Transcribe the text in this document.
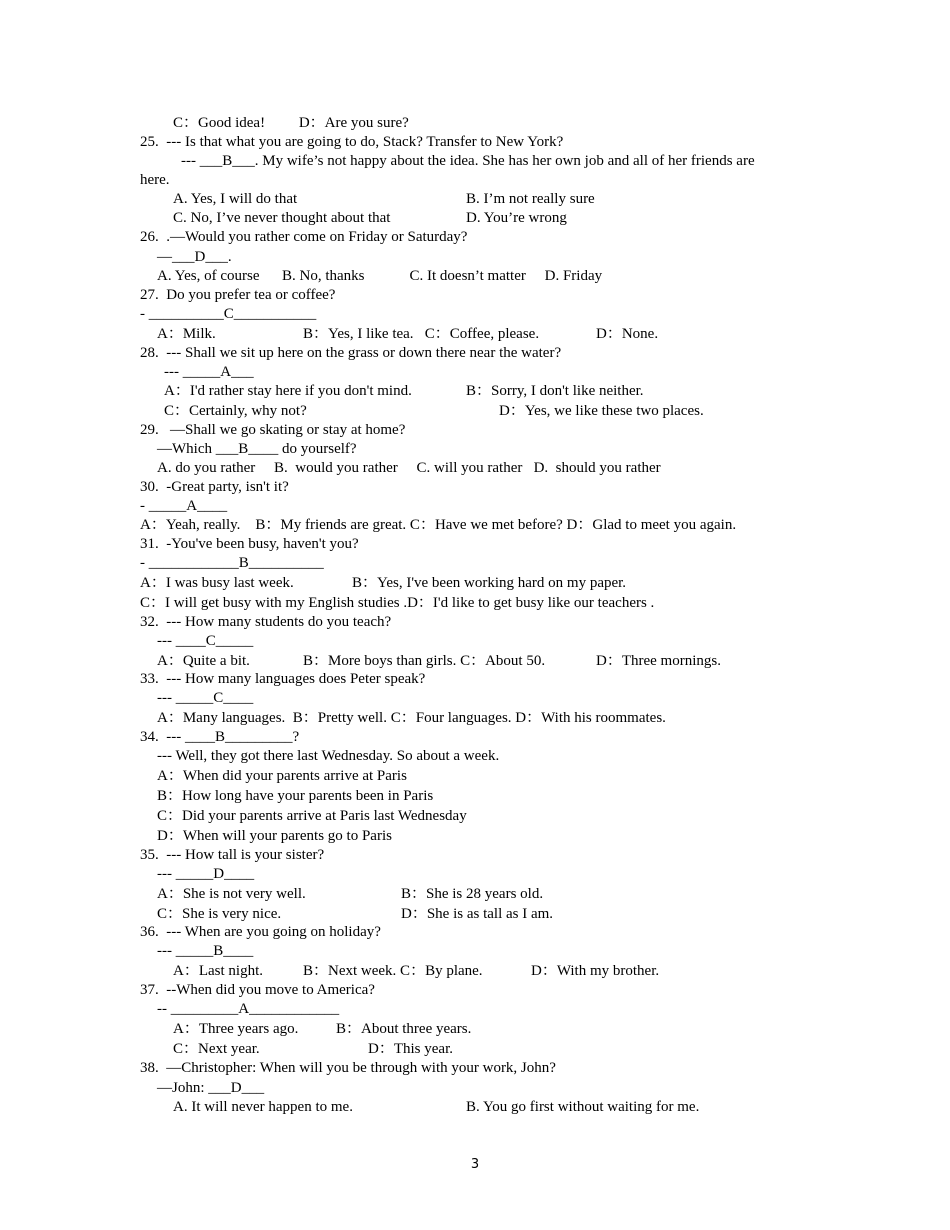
C：Good idea!         D：Are you sure?
25.  --- Is that what you are going to do, Stack? Transfer to New York?
--- ___B___. My wife’s not happy about the idea. She has her own job and all of her friends are
here.
A. Yes, I will do that	B. I’m not really sure
C. No, I’ve never thought about that	D. You’re wrong
26.  .—Would you rather come on Friday or Saturday?
—___D___.
A. Yes, of course      B. No, thanks            C. It doesn’t matter     D. Friday
27.  Do you prefer tea or coffee?
- __________C___________
A：Milk.	B：Yes, I like tea.   C：Coffee, please.	D：None.
28.  --- Shall we sit up here on the grass or down there near the water?
--- _____A___
A：I'd rather stay here if you don't mind.	B：Sorry, I don't like neither.
C：Certainly, why not?	D：Yes, we like these two places.
29.   —Shall we go skating or stay at home?
—Which ___B____ do yourself?
A. do you rather     B.  would you rather     C. will you rather   D.  should you rather
30.  -Great party, isn't it?
- _____A____
A：Yeah, really.    B：My friends are great. C：Have we met before? D：Glad to meet you again.
31.  -You've been busy, haven't you?
- ____________B__________
A：I was busy last week.	B：Yes, I've been working hard on my paper.
C：I will get busy with my English studies .D：I'd like to get busy like our teachers .
32.  --- How many students do you teach?
--- ____C_____
A：Quite a bit.	B：More boys than girls. C：About 50.	D：Three mornings.
33.  --- How many languages does Peter speak?
--- _____C____
A：Many languages.  B：Pretty well. C：Four languages. D：With his roommates.
34.  --- ____B_________?
--- Well, they got there last Wednesday. So about a week.
A：When did your parents arrive at Paris
B：How long have your parents been in Paris
C：Did your parents arrive at Paris last Wednesday
D：When will your parents go to Paris
35.  --- How tall is your sister?
--- _____D____
A：She is not very well.	B：She is 28 years old.
C：She is very nice.	D：She is as tall as I am.
36.  --- When are you going on holiday?
--- _____B____
A：Last night.	B：Next week. C：By plane.	D：With my brother.
37.  --When did you move to America?
-- _________A____________
A：Three years ago.	B：About three years.
C：Next year.	D：This year.
38.  —Christopher: When will you be through with your work, John?
—John: ___D___
A. It will never happen to me.	B. You go first without waiting for me.
3
